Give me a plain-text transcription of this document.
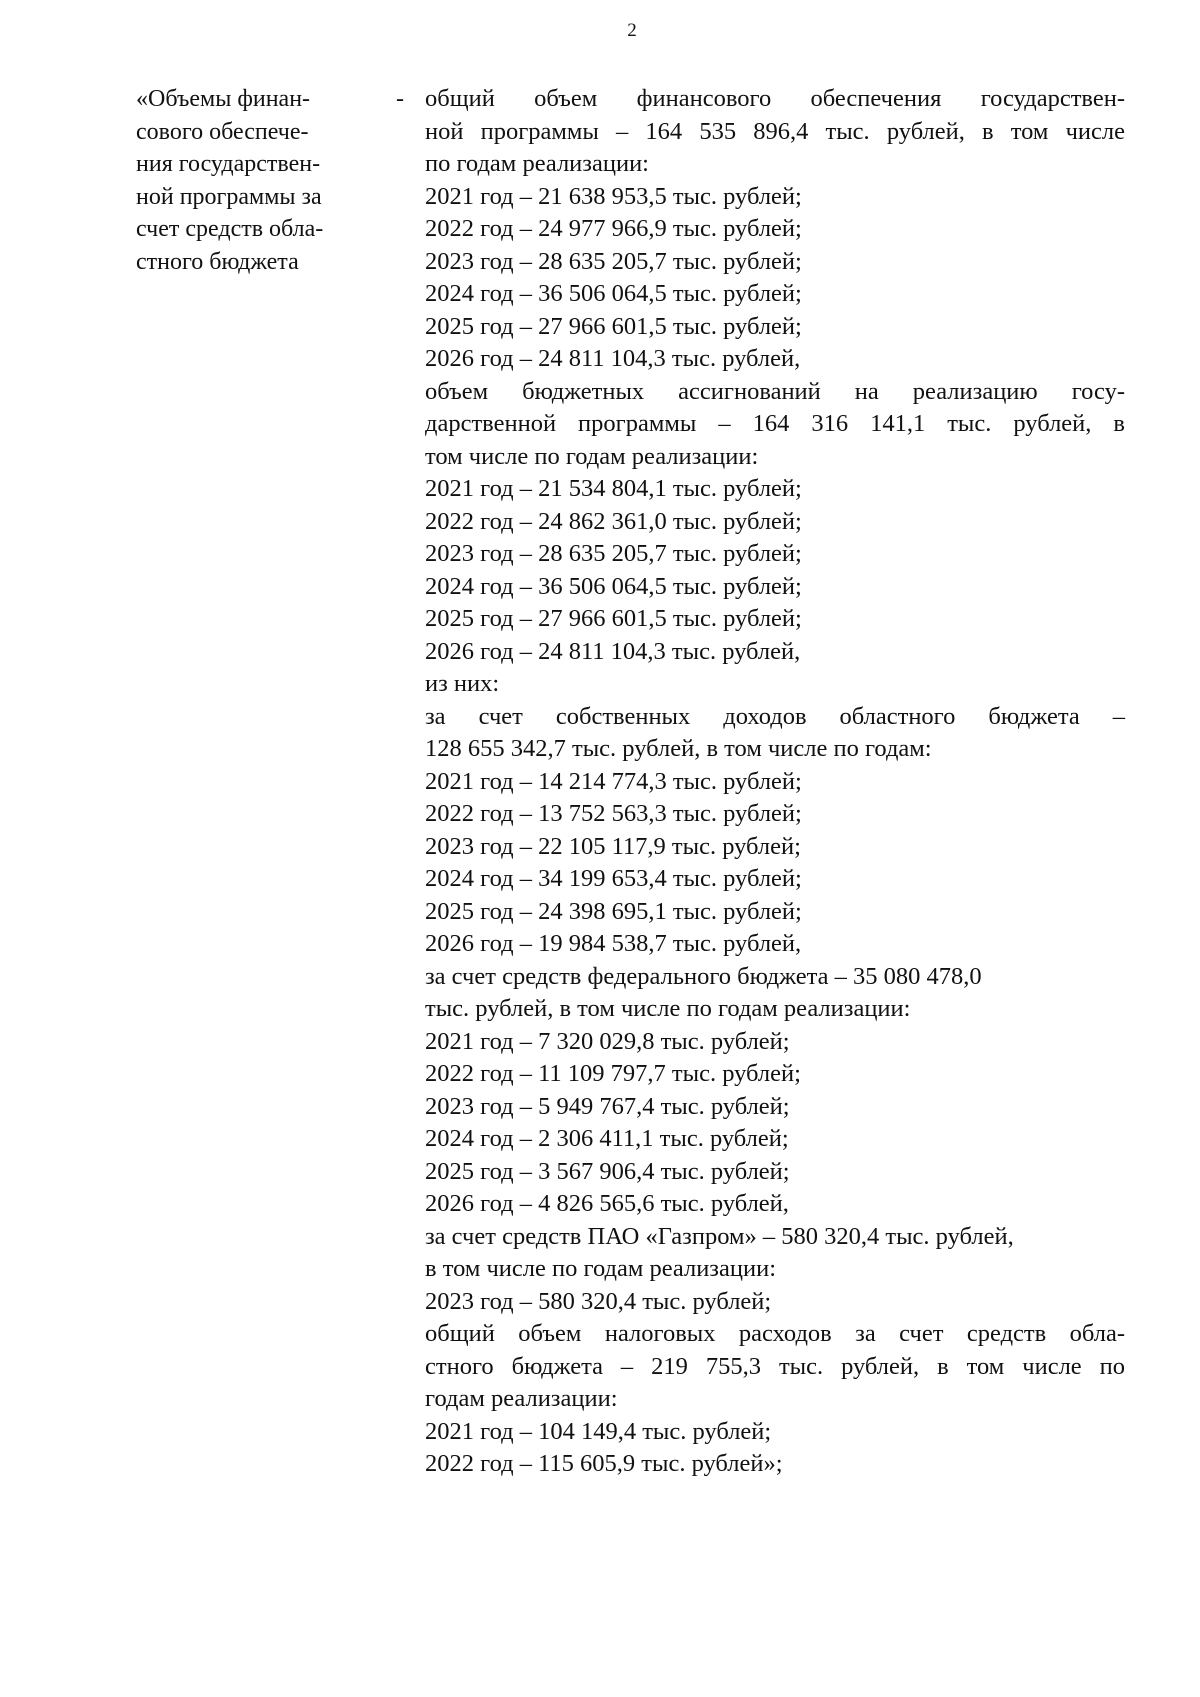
2
«Объемы финан-
сового обеспече-
ния государствен-
ной программы за
счет средств обла-
стного бюджета
- общий объем финансового обеспечения государствен-
ной программы – 164 535 896,4 тыс. рублей, в том числе
по годам реализации:
2021 год – 21 638 953,5 тыс. рублей;
2022 год – 24 977 966,9 тыс. рублей;
2023 год – 28 635 205,7 тыс. рублей;
2024 год – 36 506 064,5 тыс. рублей;
2025 год – 27 966 601,5 тыс. рублей;
2026 год – 24 811 104,3 тыс. рублей,
объем бюджетных ассигнований на реализацию госу-
дарственной программы – 164 316 141,1 тыс. рублей, в
том числе по годам реализации:
2021 год – 21 534 804,1 тыс. рублей;
2022 год – 24 862 361,0 тыс. рублей;
2023 год – 28 635 205,7 тыс. рублей;
2024 год – 36 506 064,5 тыс. рублей;
2025 год – 27 966 601,5 тыс. рублей;
2026 год – 24 811 104,3 тыс. рублей,
из них:
за счет собственных доходов областного бюджета –
128 655 342,7 тыс. рублей, в том числе по годам:
2021 год – 14 214 774,3 тыс. рублей;
2022 год – 13 752 563,3 тыс. рублей;
2023 год – 22 105 117,9 тыс. рублей;
2024 год – 34 199 653,4 тыс. рублей;
2025 год – 24 398 695,1 тыс. рублей;
2026 год – 19 984 538,7 тыс. рублей,
за счет средств федерального бюджета – 35 080 478,0
тыс. рублей, в том числе по годам реализации:
2021 год – 7 320 029,8 тыс. рублей;
2022 год – 11 109 797,7 тыс. рублей;
2023 год – 5 949 767,4 тыс. рублей;
2024 год – 2 306 411,1 тыс. рублей;
2025 год – 3 567 906,4 тыс. рублей;
2026 год – 4 826 565,6 тыс. рублей,
за счет средств ПАО «Газпром» – 580 320,4 тыс. рублей,
в том числе по годам реализации:
2023 год – 580 320,4 тыс. рублей;
общий объем налоговых расходов за счет средств обла-
стного бюджета – 219 755,3 тыс. рублей, в том числе по
годам реализации:
2021 год – 104 149,4 тыс. рублей;
2022 год – 115 605,9 тыс. рублей»;
